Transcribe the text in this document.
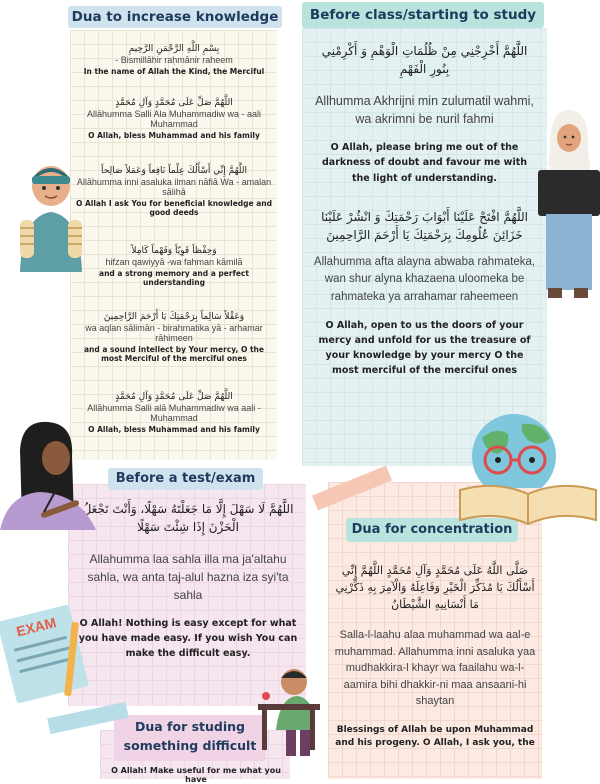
Dua to increase knowledge
بِسْمِ اللَّهِ الرَّحْمَنِ الرَّحِيمِ
- Bismillāhir raḥmānir raheem
In the name of Allah the Kind, the Merciful
اللَّهُمَّ صَلِّ عَلَى مُحَمَّدٍ وَآلِ مُحَمَّدٍ
Allāhumma Salli Ala Muhammadiw wa - aali Muhammad
O Allah, bless Muhammad and his family
اللَّهُمَّ إِنِّي أَسْأَلُكَ عِلْماً نَافِعاً وَعَمَلاً صَالِحاً
Allāhumma inni asaluka ilman nāfiā Wa - amalan sālihā
O Allah I ask You for beneficial knowledge and good deeds
وَحِفْظاً قَوِيّاً وَفَهْماً كَامِلاً
hifzan qawiyyā -wa fahman kāmilā
and a strong memory and a perfect understanding
وَعَقْلاً سَالِماً بِرَحْمَتِكَ يَا أَرْحَمَ الرَّاحِمِينَ
wa aqlan sālimān - birahmatika yā - arhamar rāhimeen
and a sound intellect by Your mercy, O the most Merciful of the merciful ones
اللَّهُمَّ صَلِّ عَلَى مُحَمَّدٍ وَآلِ مُحَمَّدٍ
Allāhumma Salli alā Muhammadiw wa aali -Muhammad
O Allah, bless Muhammad and his family
Before class/starting to study
اللَّهُمَّ أَخْرِجْنِي مِنْ ظُلُمَاتِ الْوَهْمِ وَ أَكْرِمْنِي بِنُورِ الْفَهْمِ
Allhumma Akhrijni min zulumatil wahmi, wa akrimni be nuril fahmi
O Allah, please bring me out of the darkness of doubt and favour me with the light of understanding.
اللَّهُمَّ افْتَحْ عَلَيْنَا أَبْوَابَ رَحْمَتِكَ وَ انْشُرْ عَلَيْنَا خَزَائِنَ عُلُومِكَ بِرَحْمَتِكَ يَا أَرْحَمَ الرَّاحِمِينَ
Allahumma afta alayna abwaba rahmateka, wan shur alyna khazaena uloomeka be rahmateka ya arrahamar raheemeen
O Allah, open to us the doors of your mercy and unfold for us the treasure of your knowledge by your mercy O the most merciful of the merciful ones
Before a test/exam
اللَّهُمَّ لَا سَهْلَ إِلَّا مَا جَعَلْتَهُ سَهْلًا، وَأَنْتَ تَجْعَلُ الْحَزْنَ إِذَا شِئْتَ سَهْلًا
Allahumma laa sahla illa ma ja'altahu sahla, wa anta taj-alul hazna iza syi'ta sahla
O Allah! Nothing is easy except for what you have made easy. If you wish You can make the difficult easy.
Dua for concentration
صَلَّى اللَّهُ عَلَى مُحَمَّدٍ وَآلِ مُحَمَّدٍ اللَّهُمَّ إِنِّي أَسْأَلُكَ يَا مُذَكِّرَ الْخَيْرِ وَفَاعِلَهُ وَالْآمِرَ بِهِ ذَكِّرْنِي مَا أَنْسَانِيهِ الشَّيْطَانُ
Salla-l-laahu alaa muhammad wa aal-e muhammad. Allahumma inni asaluka yaa mudhakkira-l khayr wa faailahu wa-l-aamira bihi dhakkir-ni maa ansaani-hi shaytan
Blessings of Allah be upon Muhammad and his progeny. O Allah, I ask you, the
Dua for studing something difficult
O Allah! Make useful for me what you have
EXAM
